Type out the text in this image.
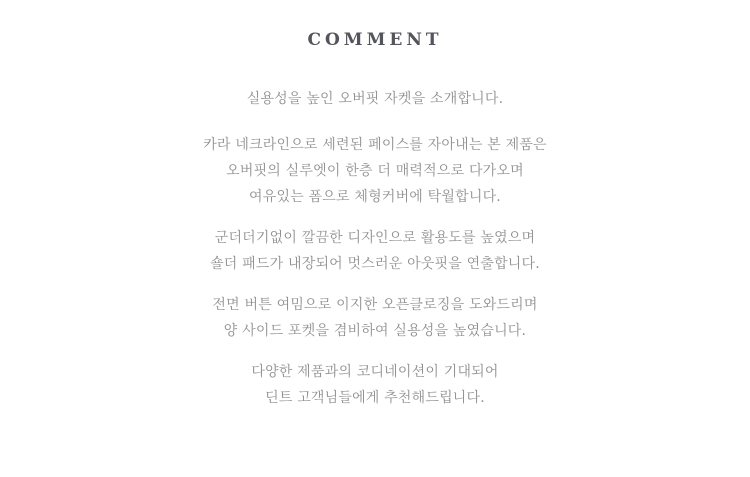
COMMENT

실용성을 높인 오버핏 자켓을 소개합니다.

카라 네크라인으로 세련된 페이스를 자아내는 본 제품은
오버핏의 실루엣이 한층 더 매력적으로 다가오며
여유있는 폼으로 체형커버에 탁월합니다.

군더더기없이 깔끔한 디자인으로 활용도를 높였으며
숄더 패드가 내장되어 멋스러운 아웃핏을 연출합니다.

전면 버튼 여밈으로 이지한 오픈클로징을 도와드리며
양 사이드 포켓을 겸비하여 실용성을 높였습니다.

다양한 제품과의 코디네이션이 기대되어
딘트 고객님들에게 추천해드립니다.
